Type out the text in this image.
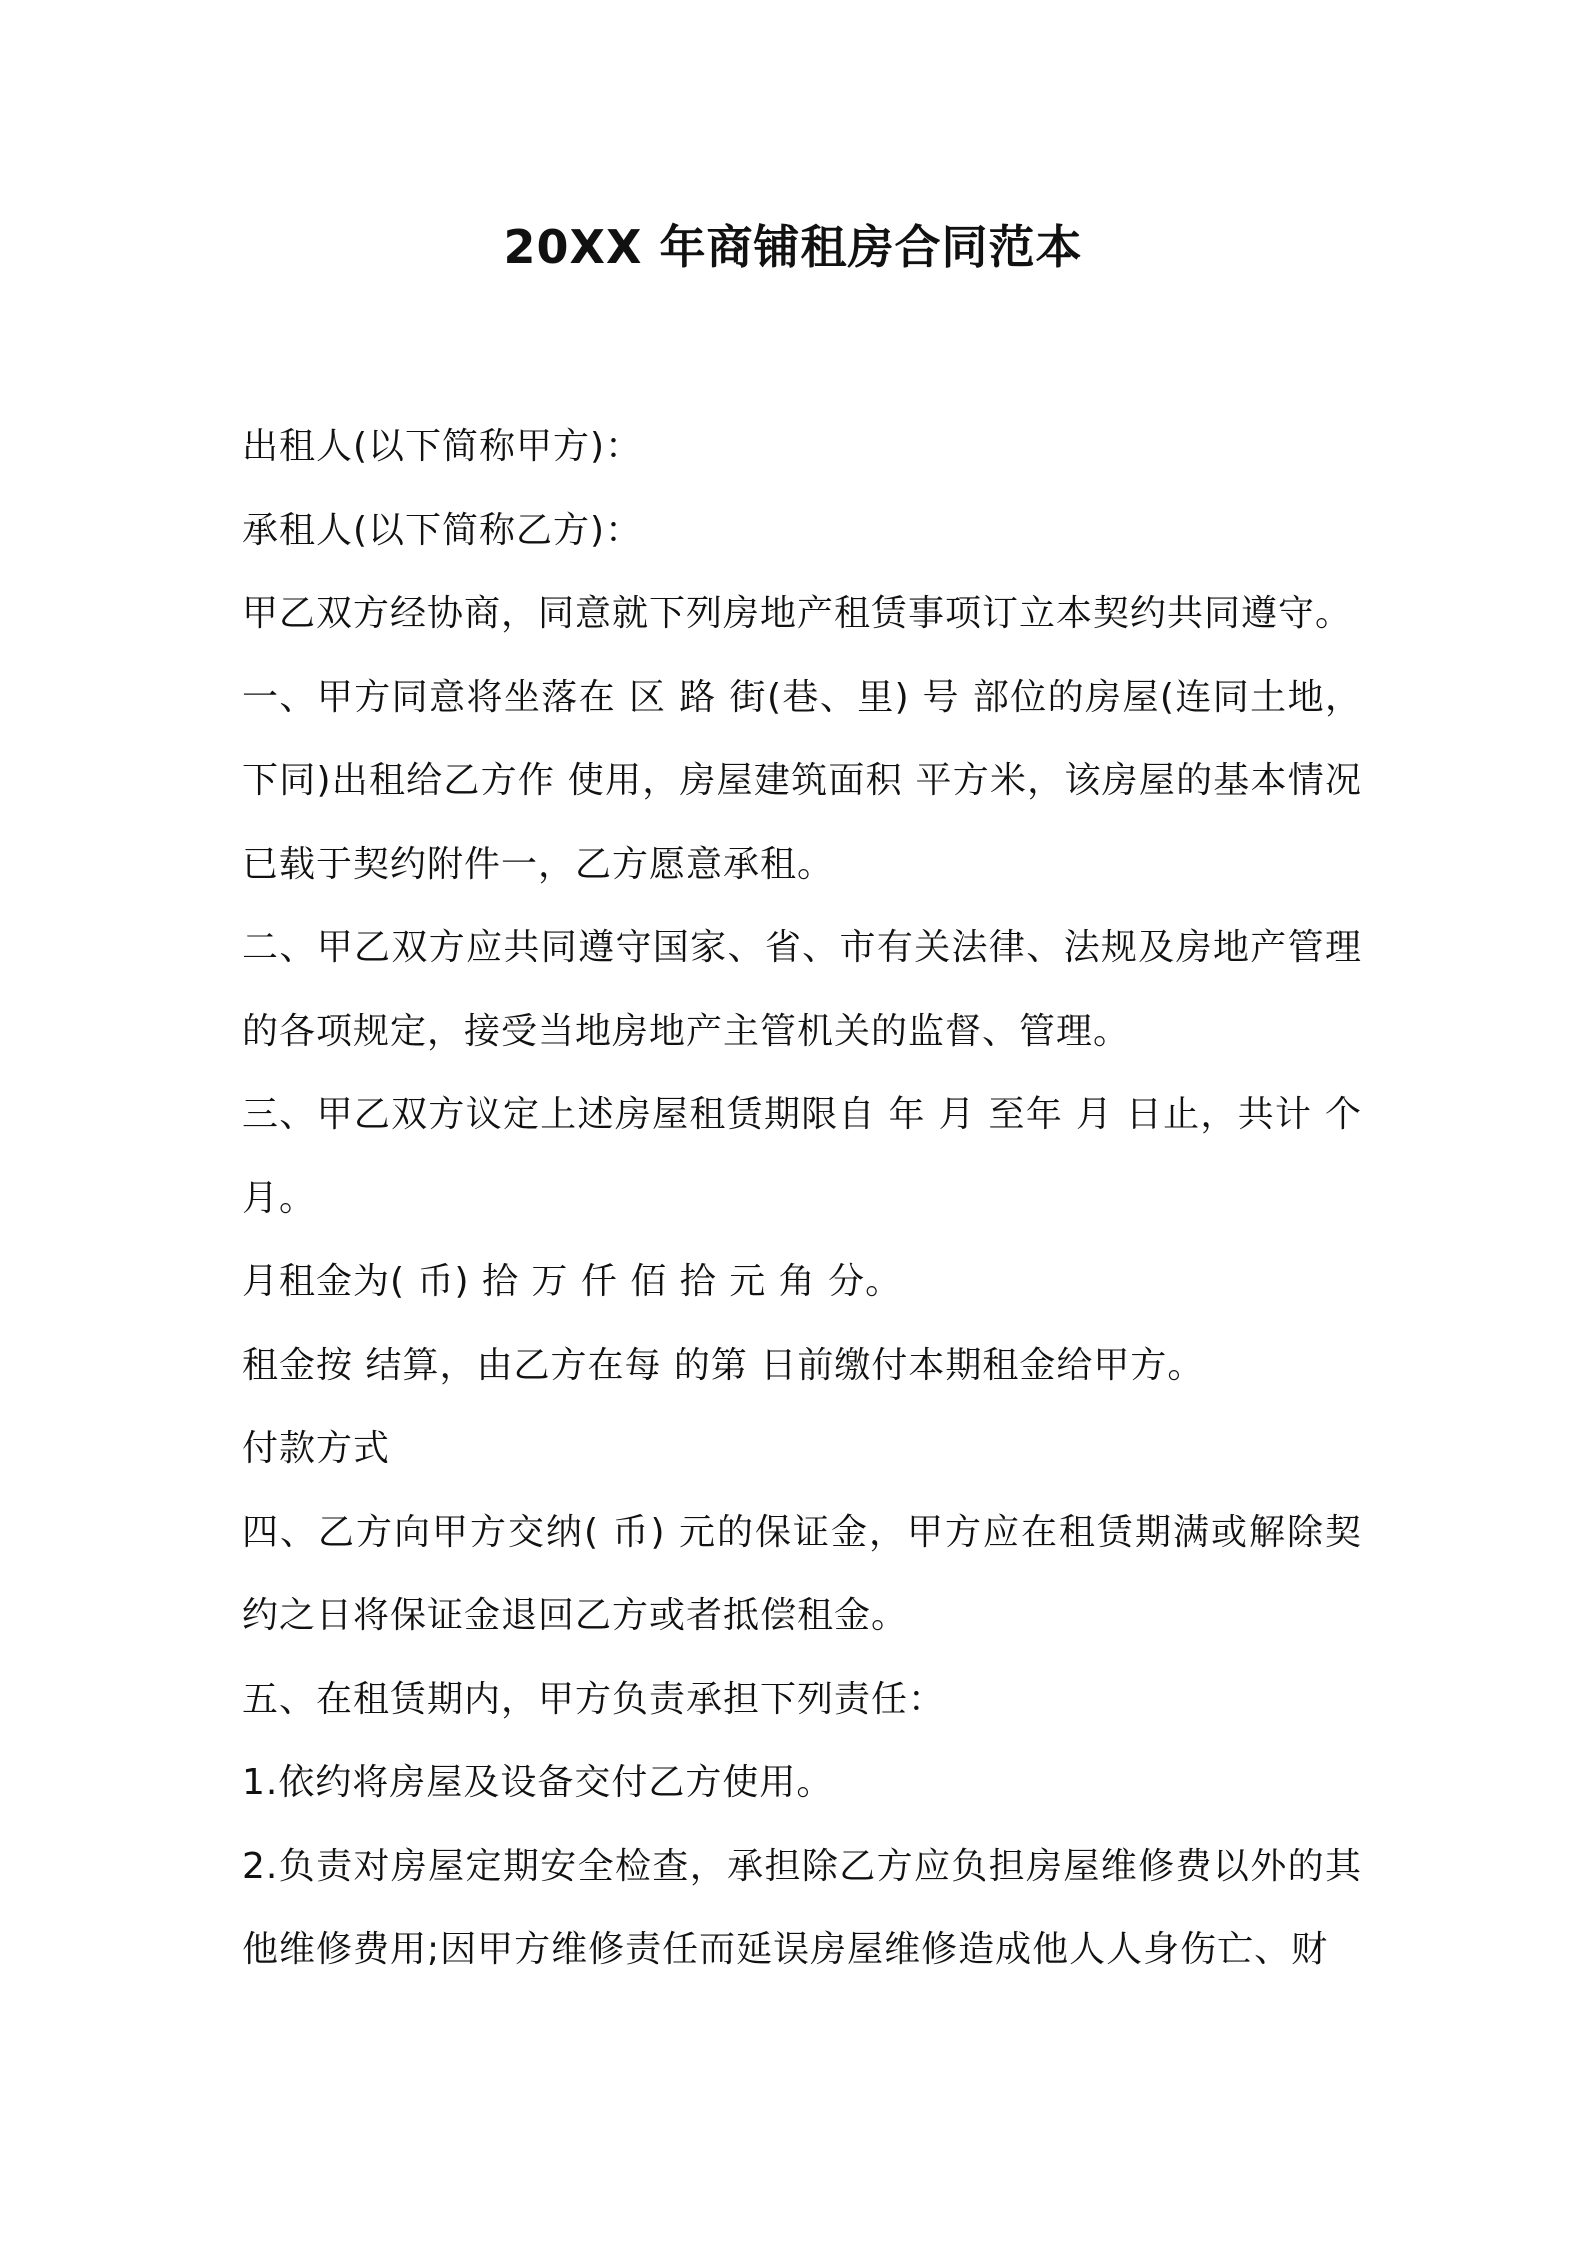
20XX 年商铺租房合同范本

出租人(以下简称甲方)：

承租人(以下简称乙方)：

甲乙双方经协商，同意就下列房地产租赁事项订立本契约共同遵守。

一、甲方同意将坐落在 区 路 街(巷、里) 号 部位的房屋(连同土地，下同)出租给乙方作 使用，房屋建筑面积 平方米，该房屋的基本情况已载于契约附件一，乙方愿意承租。

二、甲乙双方应共同遵守国家、省、市有关法律、法规及房地产管理的各项规定，接受当地房地产主管机关的监督、管理。

三、甲乙双方议定上述房屋租赁期限自 年 月 至年 月 日止，共计 个月。

月租金为( 币) 拾 万 仟 佰 拾 元 角 分。

租金按 结算，由乙方在每 的第 日前缴付本期租金给甲方。

付款方式

四、乙方向甲方交纳( 币) 元的保证金，甲方应在租赁期满或解除契约之日将保证金退回乙方或者抵偿租金。

五、在租赁期内，甲方负责承担下列责任：

1.依约将房屋及设备交付乙方使用。

2.负责对房屋定期安全检查，承担除乙方应负担房屋维修费以外的其他维修费用;因甲方维修责任而延误房屋维修造成他人人身伤亡、财
